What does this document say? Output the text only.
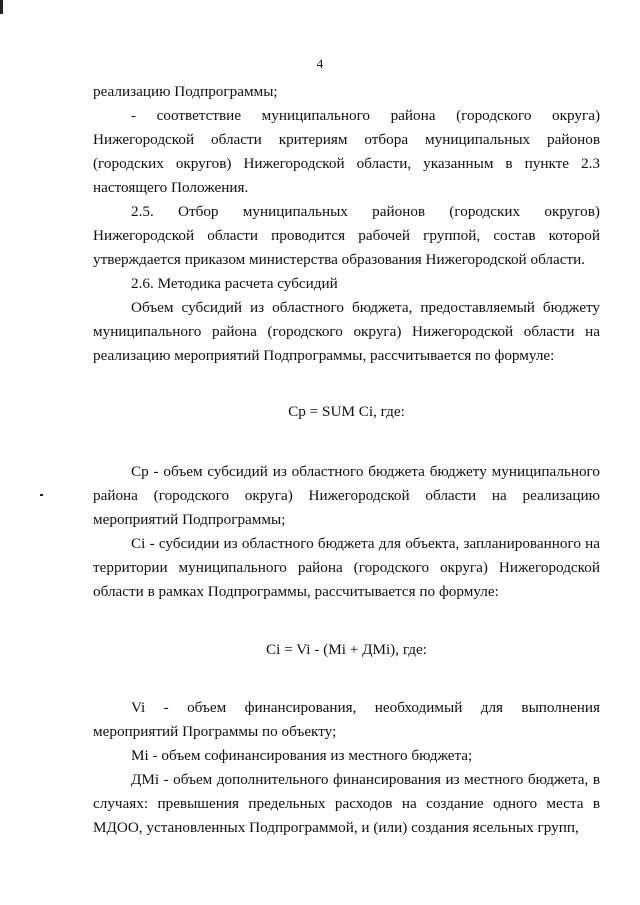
4

реализацию Подпрограммы;

- соответствие муниципального района (городского округа) Нижегородской области критериям отбора муниципальных районов (городских округов) Нижегородской области, указанным в пункте 2.3 настоящего Положения.

2.5. Отбор муниципальных районов (городских округов) Нижегородской области проводится рабочей группой, состав которой утверждается приказом министерства образования Нижегородской области.

2.6. Методика расчета субсидий

Объем субсидий из областного бюджета, предоставляемый бюджету муниципального района (городского округа) Нижегородской области на реализацию мероприятий Подпрограммы, рассчитывается по формуле:

Cp = SUM Ci, где:

Cp - объем субсидий из областного бюджета бюджету муниципального района (городского округа) Нижегородской области на реализацию мероприятий Подпрограммы;

Ci - субсидии из областного бюджета для объекта, запланированного на территории муниципального района (городского округа) Нижегородской области в рамках Подпрограммы, рассчитывается по формуле:

Ci = Vi - (Mi + ДMi), где:

Vi - объем финансирования, необходимый для выполнения мероприятий Программы по объекту;

Mi - объем софинансирования из местного бюджета;

ДMi - объем дополнительного финансирования из местного бюджета, в случаях: превышения предельных расходов на создание одного места в МДОО, установленных Подпрограммой, и (или) создания ясельных групп,
